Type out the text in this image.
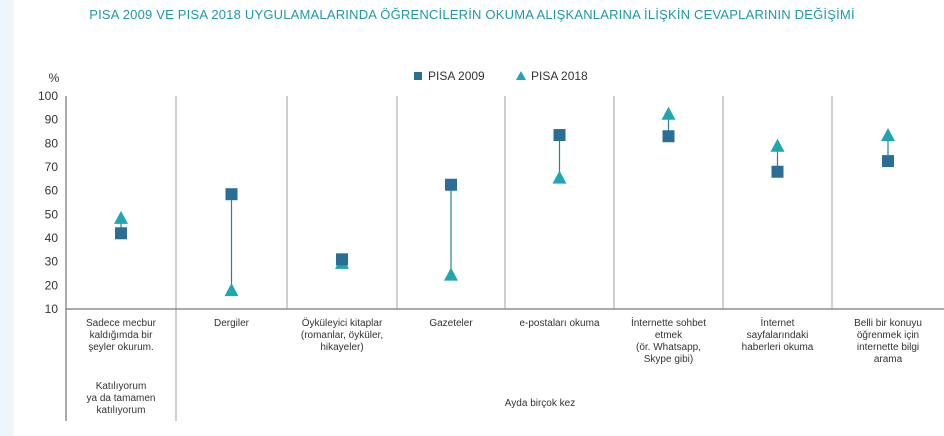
PISA 2009 VE PISA 2018 UYGULAMALARINDA ÖĞRENCİLERİN OKUMA ALIŞKANLARINA İLİŞKİN CEVAPLARININ DEĞİŞİMİ
%
100
90
80
70
60
50
40
30
20
10
Sadece mecbur kaldığımda bir şeyler okurum.
Dergiler	Öyküleyici kitaplar (romanlar, öyküler, hikayeler)
Gazeteler	e-postaları okuma	İnternette sohbet etmek (ör. Whatsapp, Skype gibi)
İnternet sayfalarındaki haberleri okuma
Belli bir konuyu öğrenmek için internette bilgi arama
Katılıyorum ya da tamamen katılıyorum
Ayda birçok kez
PISA 2009	PISA 2018
